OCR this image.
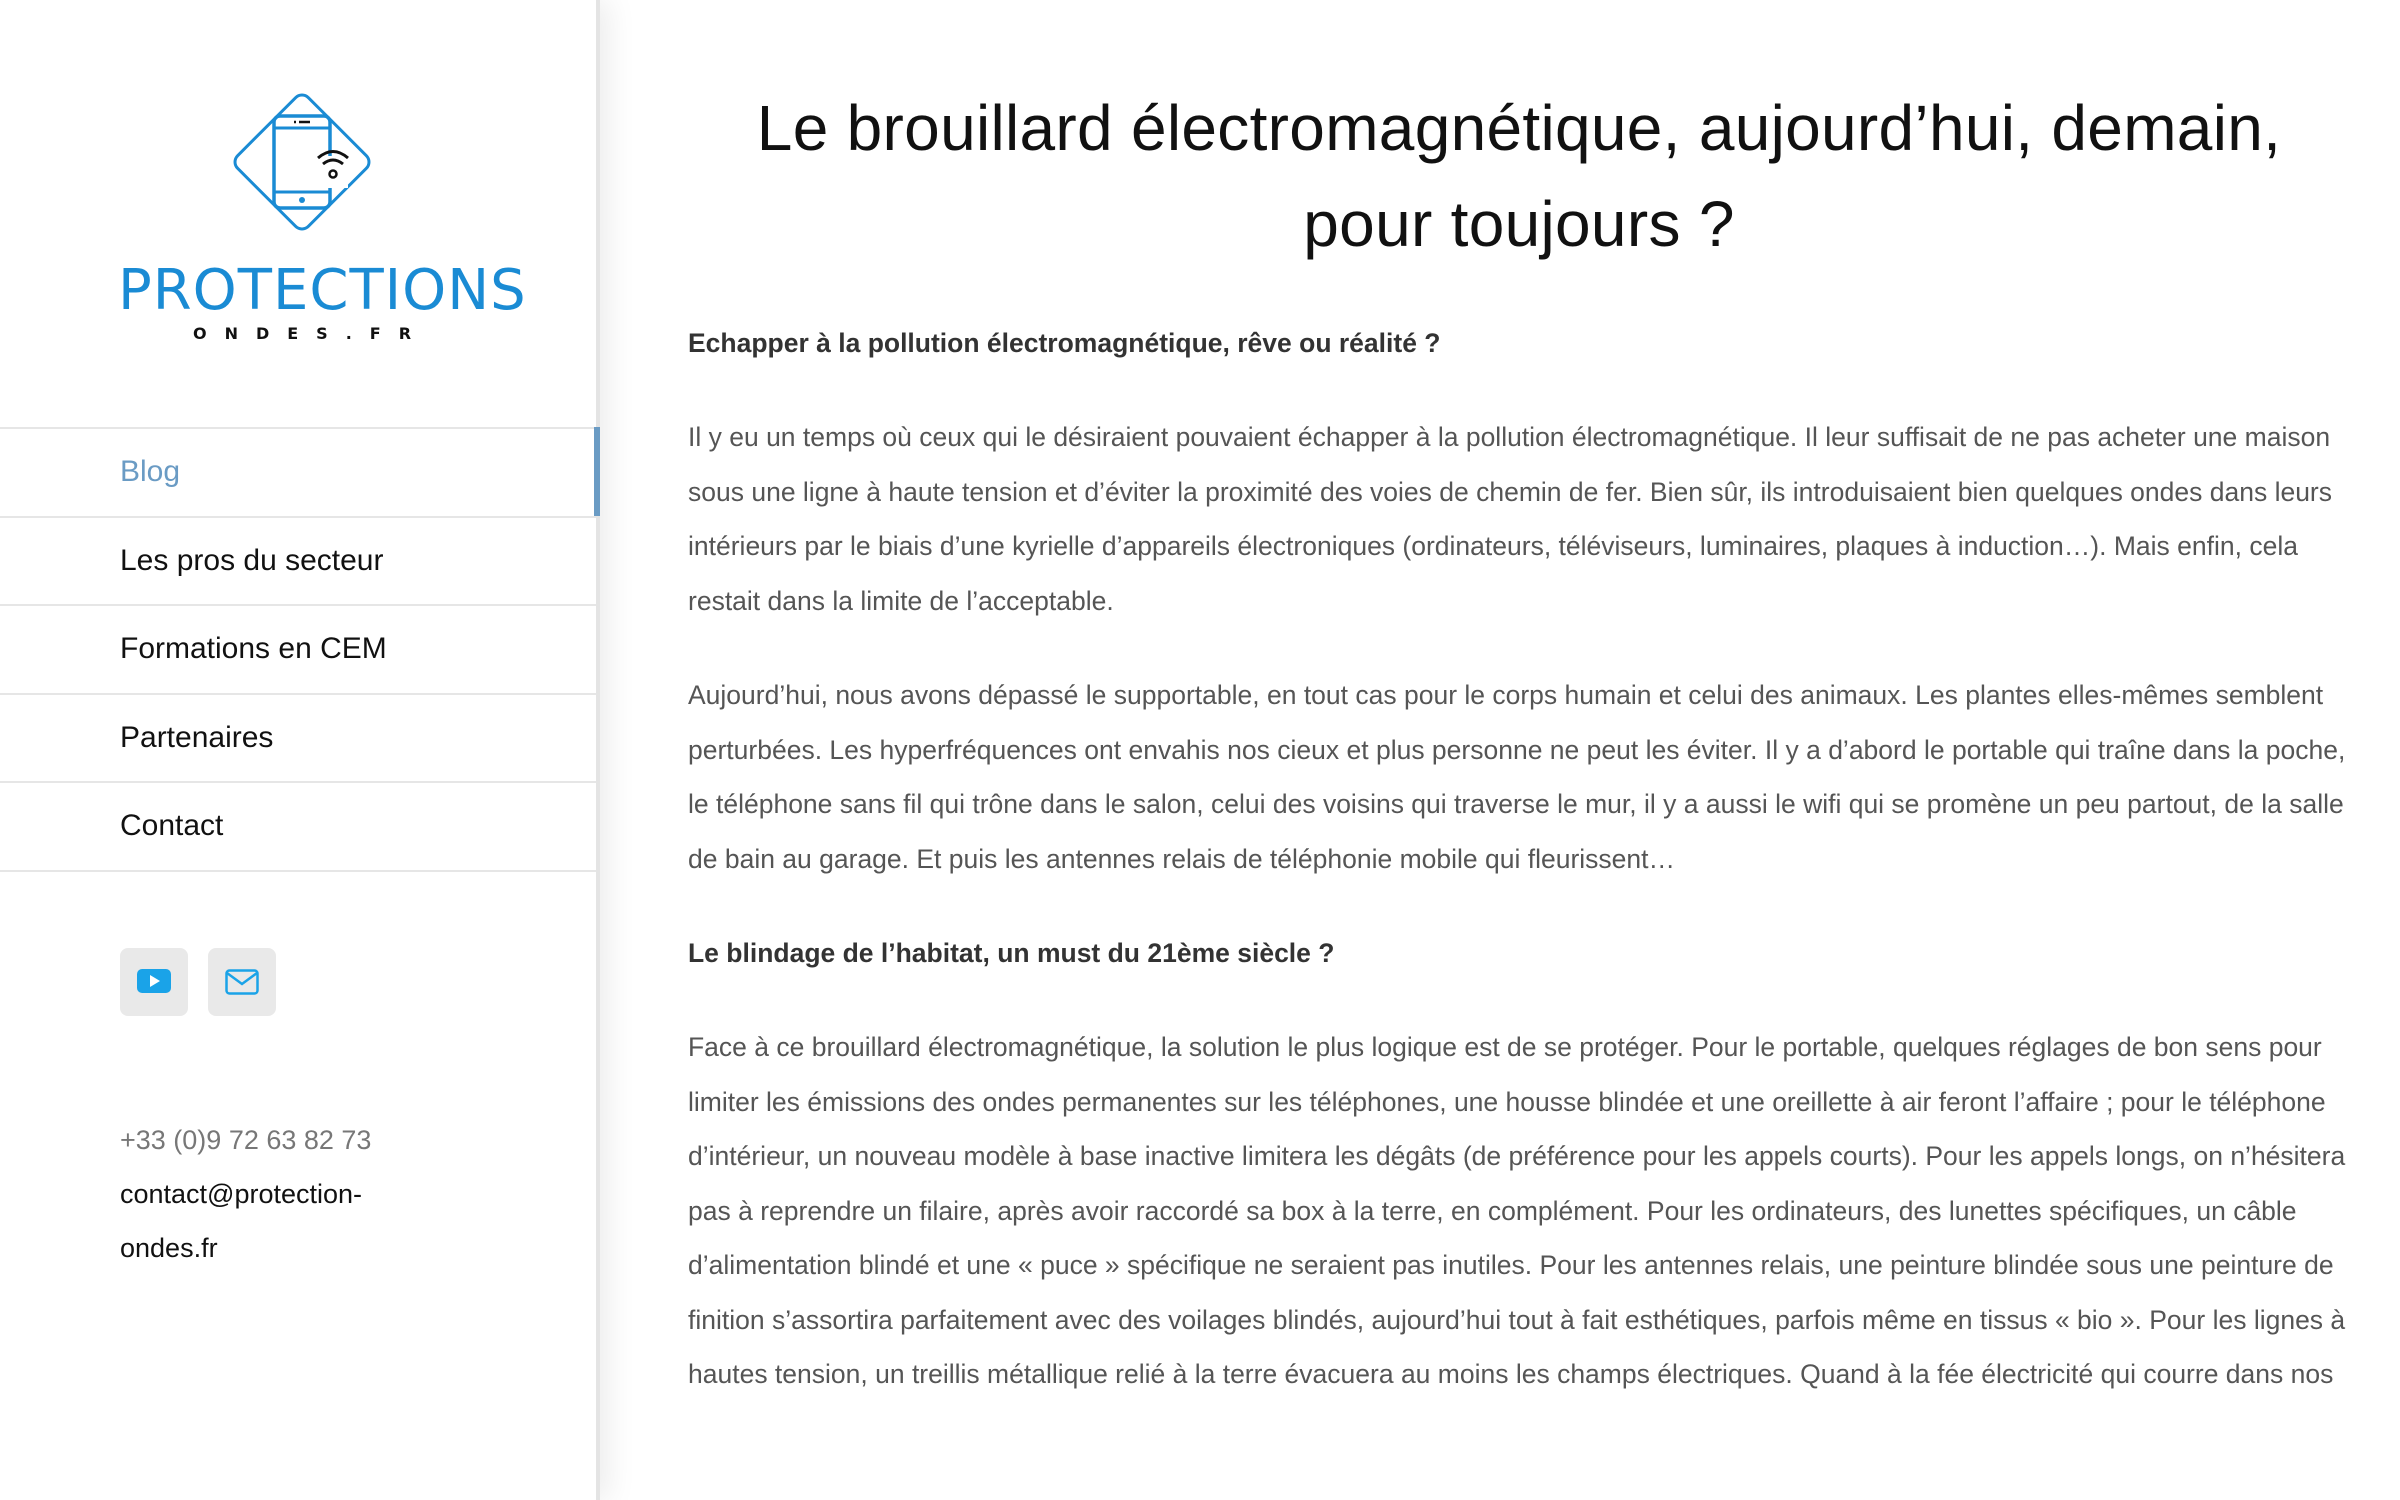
PROTECTIONS
ONDES.FR
Blog
Les pros du secteur
Formations en CEM
Partenaires
Contact
+33 (0)9 72 63 82 73
contact@protection-ondes.fr
Le brouillard électromagnétique, aujourd’hui, demain, pour toujours ?
Echapper à la pollution électromagnétique, rêve ou réalité ?

Il y eu un temps où ceux qui le désiraient pouvaient échapper à la pollution électromagnétique. Il leur suffisait de ne pas acheter une maison sous une ligne à haute tension et d’éviter la proximité des voies de chemin de fer. Bien sûr, ils introduisaient bien quelques ondes dans leurs intérieurs par le biais d’une kyrielle d’appareils électroniques (ordinateurs, téléviseurs, luminaires, plaques à induction…). Mais enfin, cela restait dans la limite de l’acceptable.

Aujourd’hui, nous avons dépassé le supportable, en tout cas pour le corps humain et celui des animaux. Les plantes elles-mêmes semblent perturbées. Les hyperfréquences ont envahis nos cieux et plus personne ne peut les éviter. Il y a d’abord le portable qui traîne dans la poche, le téléphone sans fil qui trône dans le salon, celui des voisins qui traverse le mur, il y a aussi le wifi qui se promène un peu partout, de la salle de bain au garage. Et puis les antennes relais de téléphonie mobile qui fleurissent…

Le blindage de l’habitat, un must du 21ème siècle ?

Face à ce brouillard électromagnétique, la solution le plus logique est de se protéger. Pour le portable, quelques réglages de bon sens pour limiter les émissions des ondes permanentes sur les téléphones, une housse blindée et une oreillette à air feront l’affaire ; pour le téléphone d’intérieur, un nouveau modèle à base inactive limitera les dégâts (de préférence pour les appels courts). Pour les appels longs, on n’hésitera pas à reprendre un filaire, après avoir raccordé sa box à la terre, en complément. Pour les ordinateurs, des lunettes spécifiques, un câble d’alimentation blindé et une « puce » spécifique ne seraient pas inutiles. Pour les antennes relais, une peinture blindée sous une peinture de finition s’assortira parfaitement avec des voilages blindés, aujourd’hui tout à fait esthétiques, parfois même en tissus « bio ». Pour les lignes à hautes tension, un treillis métallique relié à la terre évacuera au moins les champs électriques. Quand à la fée électricité qui courre dans nos
